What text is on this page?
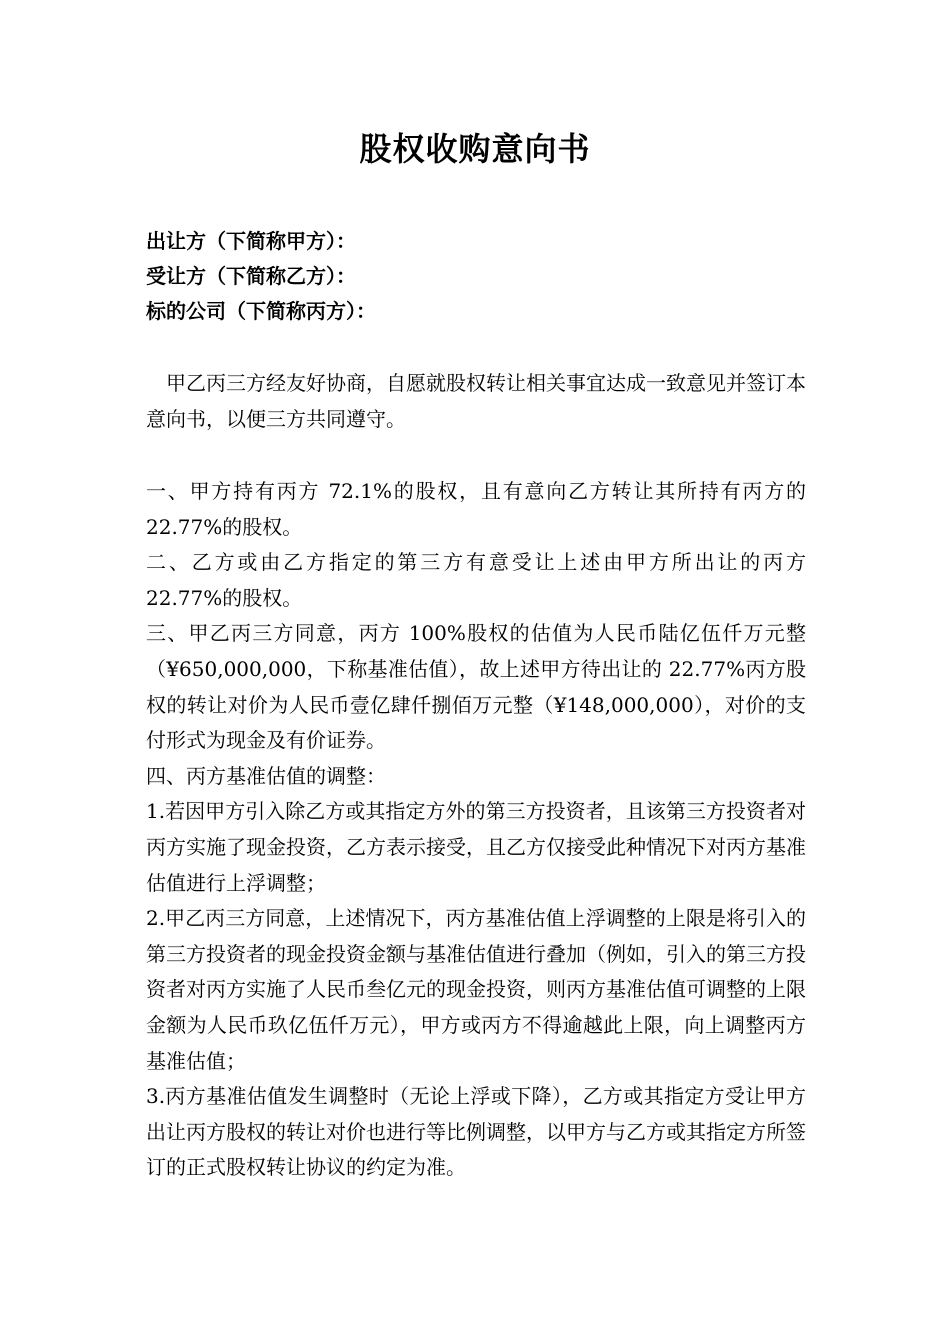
股权收购意向书
出让方（下简称甲方）：
受让方（下简称乙方）：
标的公司（下简称丙方）：
　甲乙丙三方经友好协商，自愿就股权转让相关事宜达成一致意见并签订本意向书，以便三方共同遵守。
一、甲方持有丙方 72.1%的股权，且有意向乙方转让其所持有丙方的 22.77%的股权。
二、乙方或由乙方指定的第三方有意受让上述由甲方所出让的丙方 22.77%的股权。
三、甲乙丙三方同意，丙方 100%股权的估值为人民币陆亿伍仟万元整（¥650,000,000，下称基准估值），故上述甲方待出让的 22.77%丙方股权的转让对价为人民币壹亿肆仟捌佰万元整（¥148,000,000），对价的支付形式为现金及有价证券。
四、丙方基准估值的调整：
1.若因甲方引入除乙方或其指定方外的第三方投资者，且该第三方投资者对丙方实施了现金投资，乙方表示接受，且乙方仅接受此种情况下对丙方基准估值进行上浮调整；
2.甲乙丙三方同意，上述情况下，丙方基准估值上浮调整的上限是将引入的第三方投资者的现金投资金额与基准估值进行叠加（例如，引入的第三方投资者对丙方实施了人民币叁亿元的现金投资，则丙方基准估值可调整的上限金额为人民币玖亿伍仟万元），甲方或丙方不得逾越此上限，向上调整丙方基准估值；
3.丙方基准估值发生调整时（无论上浮或下降），乙方或其指定方受让甲方出让丙方股权的转让对价也进行等比例调整，以甲方与乙方或其指定方所签订的正式股权转让协议的约定为准。
